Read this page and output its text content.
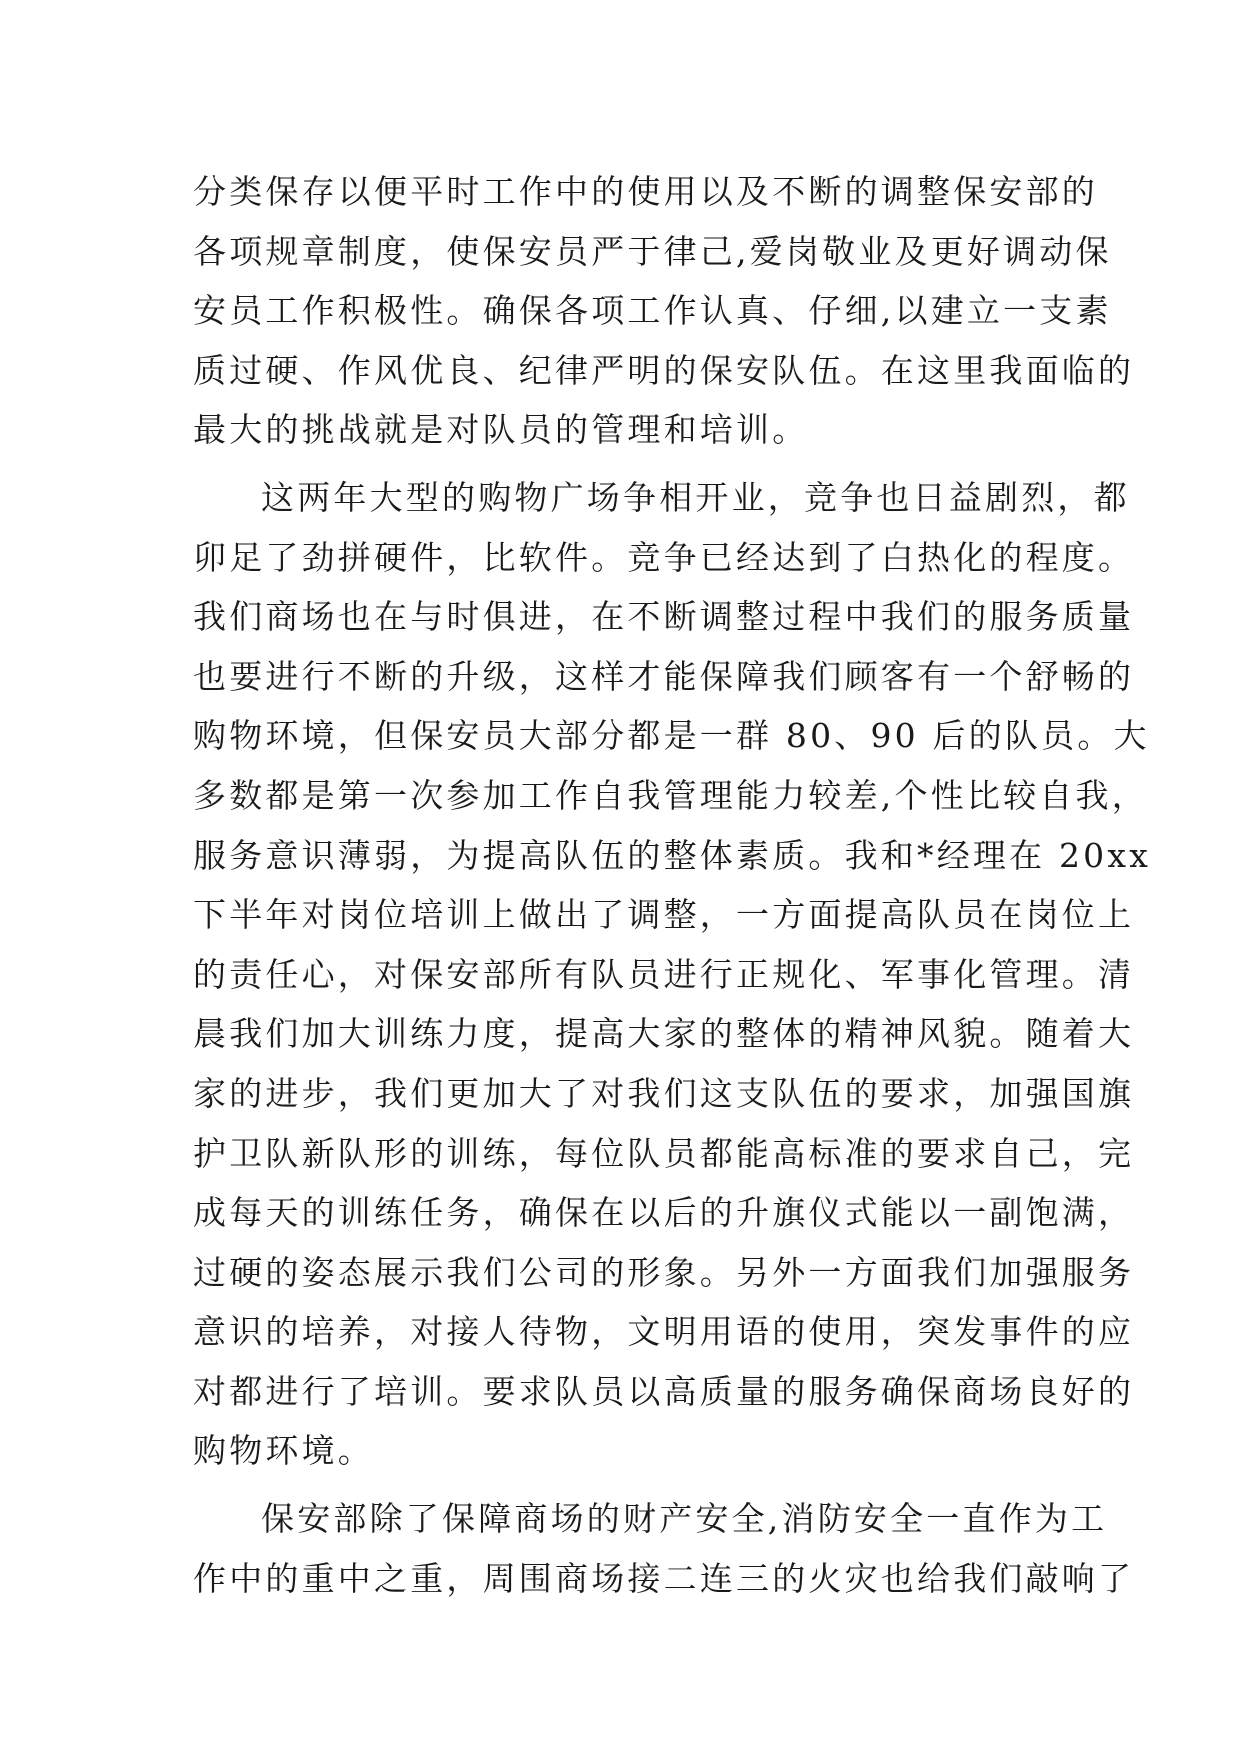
分类保存以便平时工作中的使用以及不断的调整保安部的
各项规章制度，使保安员严于律己,爱岗敬业及更好调动保
安员工作积极性。确保各项工作认真、仔细,以建立一支素
质过硬、作风优良、纪律严明的保安队伍。在这里我面临的
最大的挑战就是对队员的管理和培训。
这两年大型的购物广场争相开业，竞争也日益剧烈，都
卯足了劲拼硬件，比软件。竞争已经达到了白热化的程度。
我们商场也在与时俱进，在不断调整过程中我们的服务质量
也要进行不断的升级，这样才能保障我们顾客有一个舒畅的
购物环境，但保安员大部分都是一群 80、90 后的队员。大
多数都是第一次参加工作自我管理能力较差,个性比较自我，
服务意识薄弱，为提高队伍的整体素质。我和*经理在 20xx
下半年对岗位培训上做出了调整，一方面提高队员在岗位上
的责任心，对保安部所有队员进行正规化、军事化管理。清
晨我们加大训练力度，提高大家的整体的精神风貌。随着大
家的进步，我们更加大了对我们这支队伍的要求，加强国旗
护卫队新队形的训练，每位队员都能高标准的要求自己，完
成每天的训练任务，确保在以后的升旗仪式能以一副饱满，
过硬的姿态展示我们公司的形象。另外一方面我们加强服务
意识的培养，对接人待物，文明用语的使用，突发事件的应
对都进行了培训。要求队员以高质量的服务确保商场良好的
购物环境。
保安部除了保障商场的财产安全,消防安全一直作为工
作中的重中之重，周围商场接二连三的火灾也给我们敲响了
